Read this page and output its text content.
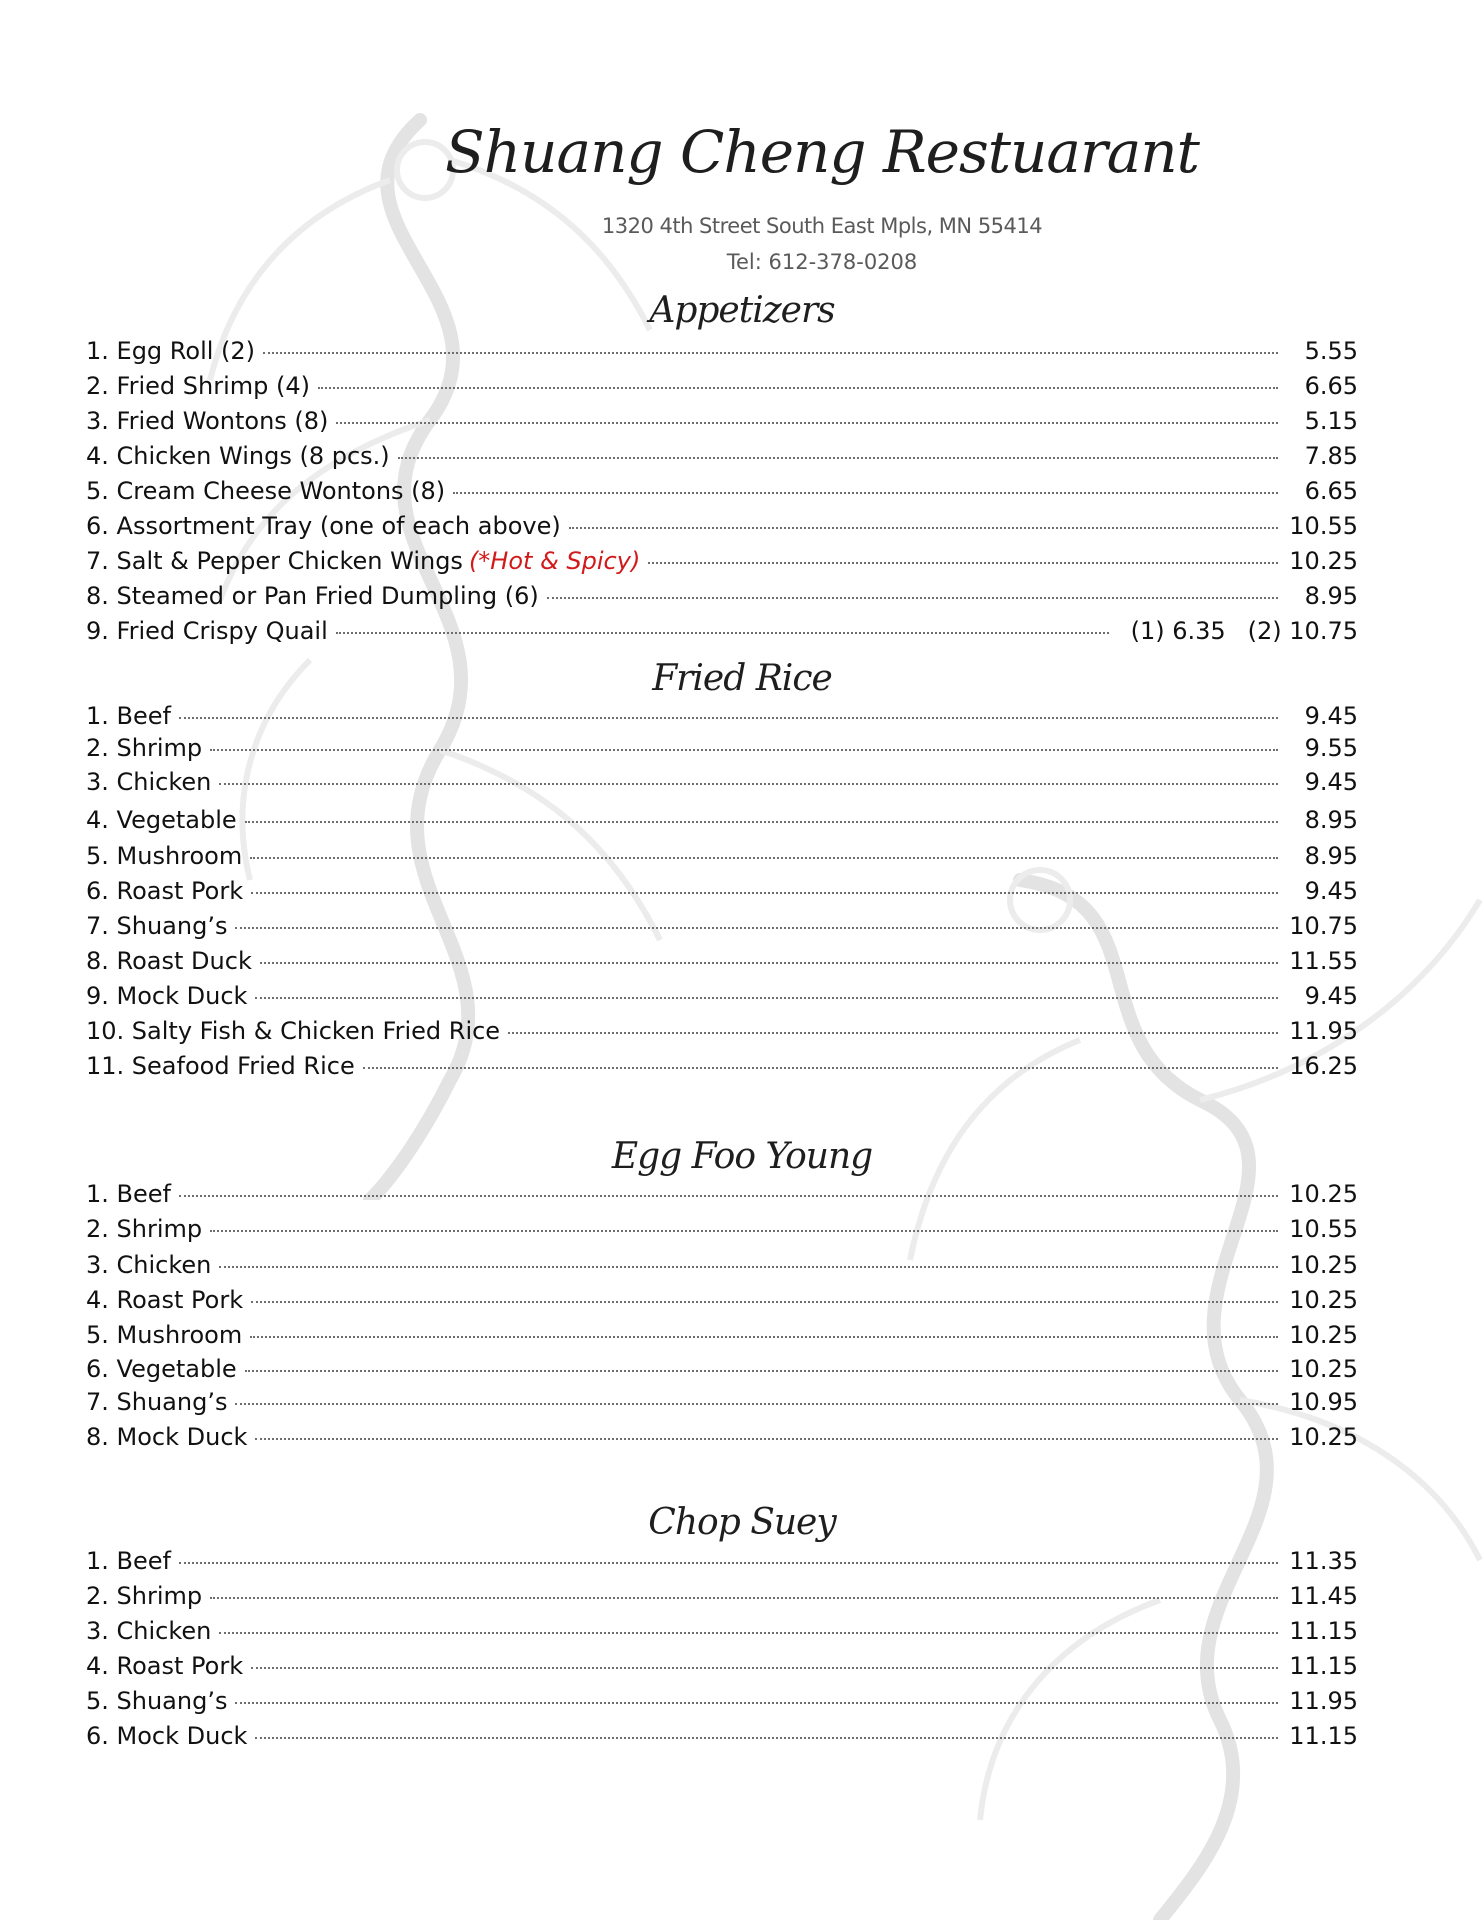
Shuang Cheng Restuarant
1320 4th Street South East Mpls, MN 55414
Tel: 612-378-0208
Appetizers
1. Egg Roll (2)	5.55
2. Fried Shrimp (4)	6.65
3. Fried Wontons (8)	5.15
4. Chicken Wings (8 pcs.)	7.85
5. Cream Cheese Wontons (8)	6.65
6. Assortment Tray (one of each above)	10.55
7. Salt & Pepper Chicken Wings (*Hot & Spicy)	10.25
8. Steamed or Pan Fried Dumpling (6)	8.95
9. Fried Crispy Quail	(1) 6.35 (2) 10.75
Fried Rice
1. Beef	9.45
2. Shrimp	9.55
3. Chicken	9.45
4. Vegetable	8.95
5. Mushroom	8.95
6. Roast Pork	9.45
7. Shuang’s	10.75
8. Roast Duck	11.55
9. Mock Duck	9.45
10. Salty Fish & Chicken Fried Rice	11.95
11. Seafood Fried Rice	16.25
Egg Foo Young
1. Beef	10.25
2. Shrimp	10.55
3. Chicken	10.25
4. Roast Pork	10.25
5. Mushroom	10.25
6. Vegetable	10.25
7. Shuang’s	10.95
8. Mock Duck	10.25
Chop Suey
1. Beef	11.35
2. Shrimp	11.45
3. Chicken	11.15
4. Roast Pork	11.15
5. Shuang’s	11.95
6. Mock Duck	11.15
